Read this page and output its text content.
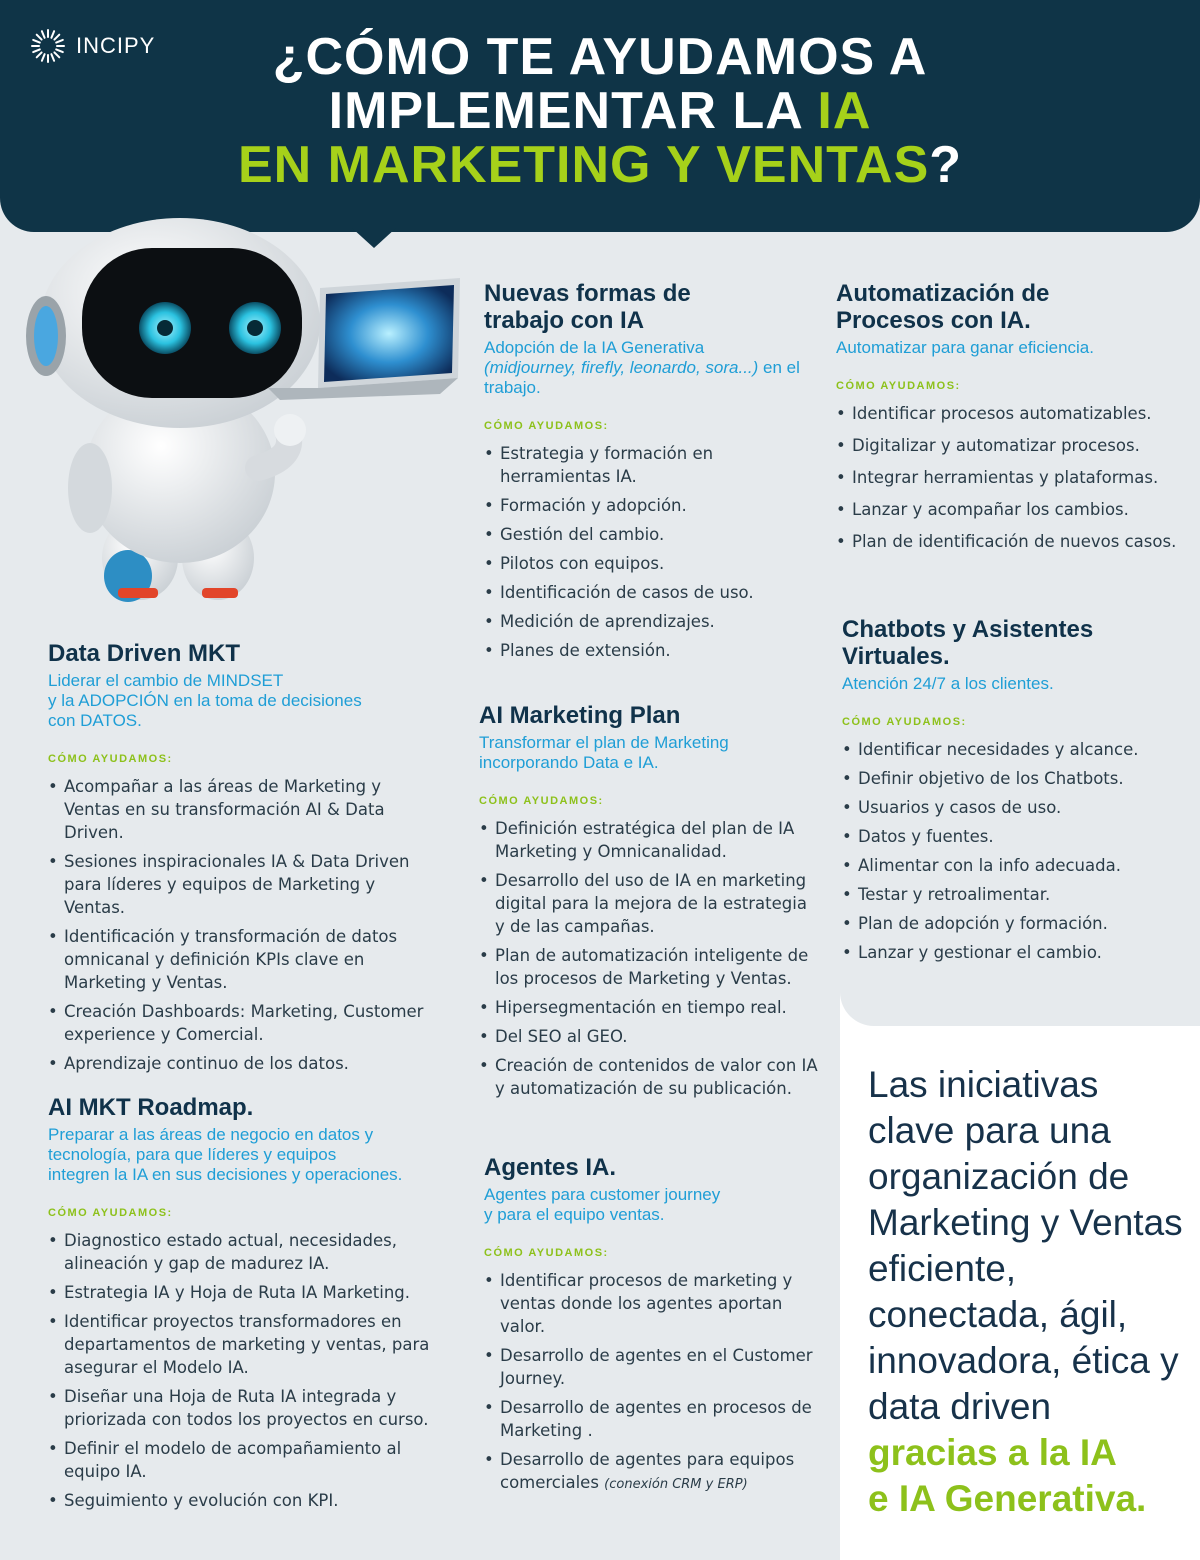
INCIPY	¿CÓMO TE AYUDAMOS A
IMPLEMENTAR LA IA
EN MARKETING Y VENTAS?
Data Driven MKT
Liderar el cambio de MINDSET
y la ADOPCIÓN en la toma de decisiones
con DATOS.
CÓMO AYUDAMOS:
• Acompañar a las áreas de Marketing y Ventas en su transformación AI & Data Driven.
• Sesiones inspiracionales IA & Data Driven para líderes y equipos de Marketing y Ventas.
• Identificación y transformación de datos omnicanal y definición KPIs clave en Marketing y Ventas.
• Creación Dashboards: Marketing, Customer experience y Comercial.
• Aprendizaje continuo de los datos.
AI MKT Roadmap.
Preparar a las áreas de negocio en datos y
tecnología, para que líderes y equipos
integren la IA en sus decisiones y operaciones.
CÓMO AYUDAMOS:
• Diagnostico estado actual, necesidades, alineación y gap de madurez IA.
• Estrategia IA y Hoja de Ruta IA Marketing.
• Identificar proyectos transformadores en departamentos de marketing y ventas, para asegurar el Modelo IA.
• Diseñar una Hoja de Ruta IA integrada y priorizada con todos los proyectos en curso.
• Definir el modelo de acompañamiento al equipo IA.
• Seguimiento y evolución con KPI.
Nuevas formas de
trabajo con IA
Adopción de la IA Generativa
(midjourney, firefly, leonardo, sora...) en el trabajo.
CÓMO AYUDAMOS:
• Estrategia y formación en herramientas IA.
• Formación y adopción.
• Gestión del cambio.
• Pilotos con equipos.
• Identificación de casos de uso.
• Medición de aprendizajes.
• Planes de extensión.
AI Marketing Plan
Transformar el plan de Marketing
incorporando Data e IA.
CÓMO AYUDAMOS:
• Definición estratégica del plan de IA Marketing y Omnicanalidad.
• Desarrollo del uso de IA en marketing digital para la mejora de la estrategia y de las campañas.
• Plan de automatización inteligente de los procesos de Marketing y Ventas.
• Hipersegmentación en tiempo real.
• Del SEO al GEO.
• Creación de contenidos de valor con IA y automatización de su publicación.
Agentes IA.
Agentes para customer journey
y para el equipo ventas.
CÓMO AYUDAMOS:
• Identificar procesos de marketing y ventas donde los agentes aportan valor.
• Desarrollo de agentes en el Customer Journey.
• Desarrollo de agentes en procesos de Marketing .
• Desarrollo de agentes para equipos comerciales (conexión CRM y ERP)
Automatización de
Procesos con IA.
Automatizar para ganar eficiencia.
CÓMO AYUDAMOS:
• Identificar procesos automatizables.
• Digitalizar y automatizar procesos.
• Integrar herramientas y plataformas.
• Lanzar y acompañar los cambios.
• Plan de identificación de nuevos casos.
Chatbots y Asistentes
Virtuales.
Atención 24/7 a los clientes.
CÓMO AYUDAMOS:
• Identificar necesidades y alcance.
• Definir objetivo de los Chatbots.
• Usuarios y casos de uso.
• Datos y fuentes.
• Alimentar con la info adecuada.
• Testar y retroalimentar.
• Plan de adopción y formación.
• Lanzar y gestionar el cambio.
Las iniciativas
clave para una
organización de
Marketing y Ventas
eficiente,
conectada, ágil,
innovadora, ética y
data driven
gracias a la IA
e IA Generativa.
